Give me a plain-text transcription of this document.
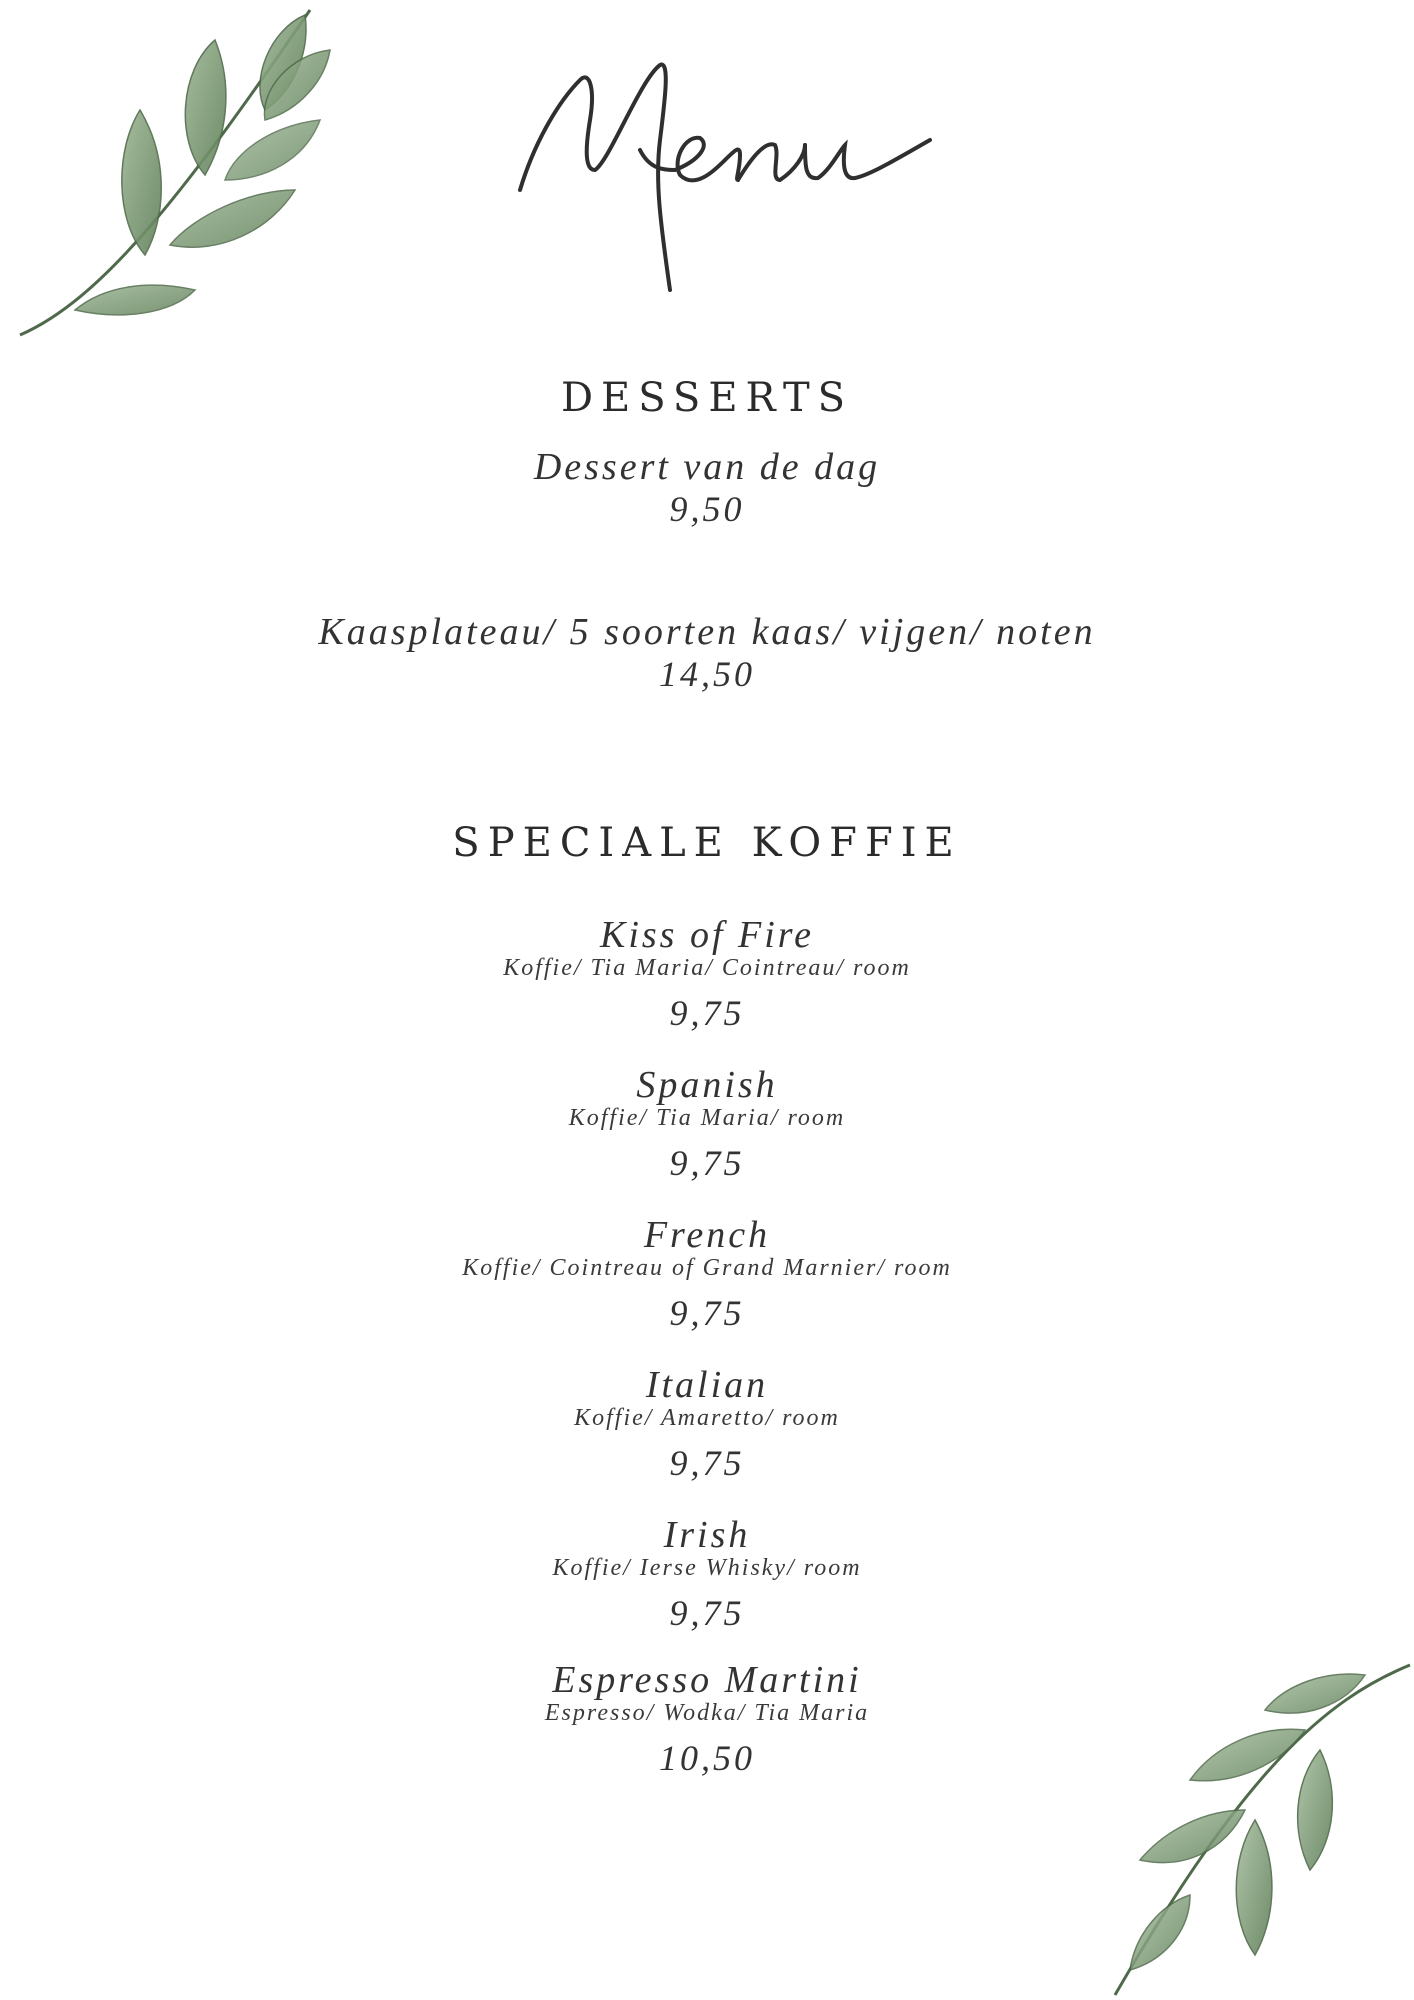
DESSERTS

Dessert van de dag

9,50

Kaasplateau/ 5 soorten kaas/ vijgen/ noten

14,50

SPECIALE KOFFIE

Kiss of Fire

Koffie/ Tia Maria/ Cointreau/ room

9,75

Spanish

Koffie/ Tia Maria/ room

9,75

French

Koffie/ Cointreau of Grand Marnier/ room

9,75

Italian

Koffie/ Amaretto/ room

9,75

Irish

Koffie/ Ierse Whisky/ room

9,75

Espresso Martini

Espresso/ Wodka/ Tia Maria

10,50
